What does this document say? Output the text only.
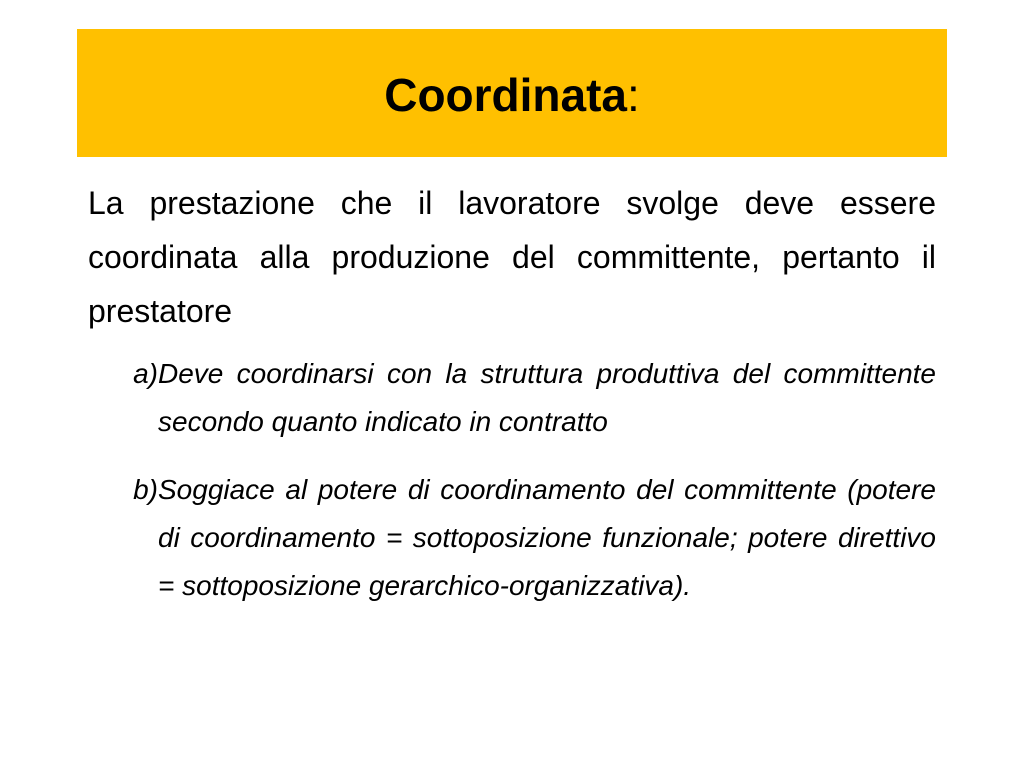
Coordinata:

La prestazione che il lavoratore svolge deve essere coordinata alla produzione del committente, pertanto il prestatore

a) Deve coordinarsi con la struttura produttiva del committente secondo quanto indicato in contratto
b) Soggiace al potere di coordinamento del committente (potere di coordinamento = sottoposizione funzionale; potere direttivo = sottoposizione gerarchico-organizzativa).
